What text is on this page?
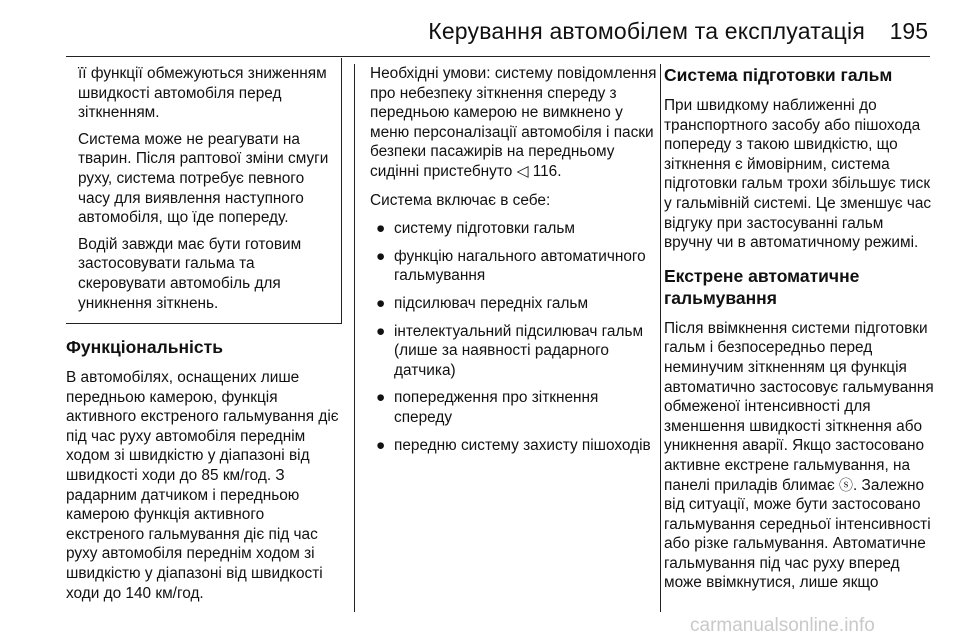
Керування автомобілем та експлуатація 195

її функції обмежуються зниженням швидкості автомобіля перед зіткненням.

Система може не реагувати на тварин. Після раптової зміни смуги руху, система потребує певного часу для виявлення наступного автомобіля, що їде попереду.

Водій завжди має бути готовим застосовувати гальма та скеровувати автомобіль для уникнення зіткнень.

Функціональність

В автомобілях, оснащених лише передньою камерою, функція активного екстреного гальмування діє під час руху автомобіля переднім ходом зі швидкістю у діапазоні від швидкості ходи до 85 км/год. З радарним датчиком і передньою камерою функція активного екстреного гальмування діє під час руху автомобіля переднім ходом зі швидкістю у діапазоні від швидкості ходи до 140 км/год.

Необхідні умови: систему повідомлення про небезпеку зіткнення спереду з передньою камерою не вимкнено у меню персоналізації автомобіля і паски безпеки пасажирів на передньому сидінні пристебнуто ◁ 116.

Система включає в себе:

● систему підготовки гальм
● функцію нагального автоматичного гальмування
● підсилювач передніх гальм
● інтелектуальний підсилювач гальм (лише за наявності радарного датчика)
● попередження про зіткнення спереду
● передню систему захисту пішоходів
Система підготовки гальм

При швидкому наближенні до транспортного засобу або пішохода попереду з такою швидкістю, що зіткнення є ймовірним, система підготовки гальм трохи збільшує тиск у гальмівній системі. Це зменшує час відгуку при застосуванні гальм вручну чи в автоматичному режимі.

Екстрене автоматичне гальмування

Після ввімкнення системи підготовки гальм і безпосередньо перед неминучим зіткненням ця функція автоматично застосовує гальмування обмеженої інтенсивності для зменшення швидкості зіткнення або уникнення аварії. Якщо застосовано активне екстрене гальмування, на панелі приладів блимає ⓢ. Залежно від ситуації, може бути застосовано гальмування середньої інтенсивності або різке гальмування. Автоматичне гальмування під час руху вперед може ввімкнутися, лише якщо

carmanualsonline.info
